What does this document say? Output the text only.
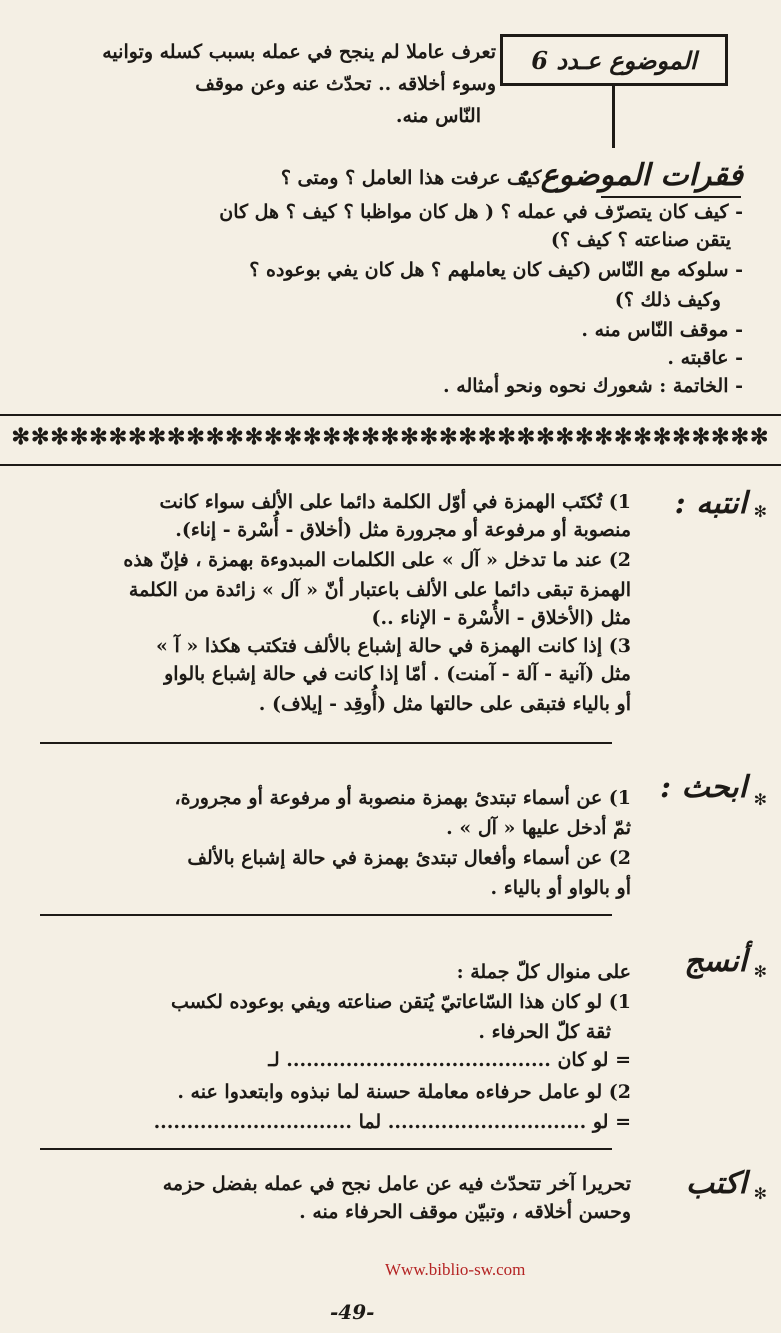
الموضوع عـدد 6
تعرف عاملا لم ينجح في عمله بسبب كسله وتوانيه
وسوء أخلاقه .. تحدّث عنه وعن موقف
النّاس منه.
فقرات الموضوع :
- كيف عرفت هذا العامل ؟ ومتى ؟
- كيف كان يتصرّف في عمله ؟ ( هل كان مواظبا ؟ كيف ؟ هل كان
يتقن صناعته ؟ كيف ؟)
- سلوكه مع النّاس (كيف كان يعاملهم ؟ هل كان يفي بوعوده ؟
وكيف ذلك ؟)
- موقف النّاس منه .
- عاقبته .
- الخاتمة : شعورك نحوه ونحو أمثاله .
✻✻✻✻✻✻✻✻✻✻✻✻✻✻✻✻✻✻✻✻✻✻✻✻✻✻✻✻✻✻✻✻✻✻✻✻✻✻✻
✻
انتبه :
1) تُكتَب الهمزة في أوّل الكلمة دائما على الألف سواء كانت
منصوبة أو مرفوعة أو مجرورة مثل (أخلاق - أُسْرة - إناء).
2) عند ما تدخل « آل » على الكلمات المبدوءة بهمزة ، فإنّ هذه
الهمزة تبقى دائما على الألف باعتبار أنّ « آل » زائدة من الكلمة
مثل (الأخلاق - الأُسْرة - الإناء ..)
3) إذا كانت الهمزة في حالة إشباع بالألف فتكتب هكذا « آ »
مثل (آنية - آلة - آمنت) . أمّا إذا كانت في حالة إشباع بالواو
أو بالياء فتبقى على حالتها مثل (أُوقِد - إيلاف) .
✻
ابحث :
1) عن أسماء تبتدئ بهمزة منصوبة أو مرفوعة أو مجرورة،
ثمّ أدخل عليها « آل » .
2) عن أسماء وأفعال تبتدئ بهمزة في حالة إشباع بالألف
أو بالواو أو بالياء .
✻
أنسج
على منوال كلّ جملة :
1) لو كان هذا السّاعاتيّ يُتقن صناعته ويفي بوعوده لكسب
ثقة كلّ الحرفاء .
= لو كان ........................................ لـ
2) لو عامل حرفاءه معاملة حسنة لما نبذوه وابتعدوا عنه .
= لو .............................. لما ..............................
✻
اكتب
تحريرا آخر تتحدّث فيه عن عامل نجح في عمله بفضل حزمه
وحسن أخلاقه ، وتبيّن موقف الحرفاء منه .
Www.biblio-sw.com
-49-
